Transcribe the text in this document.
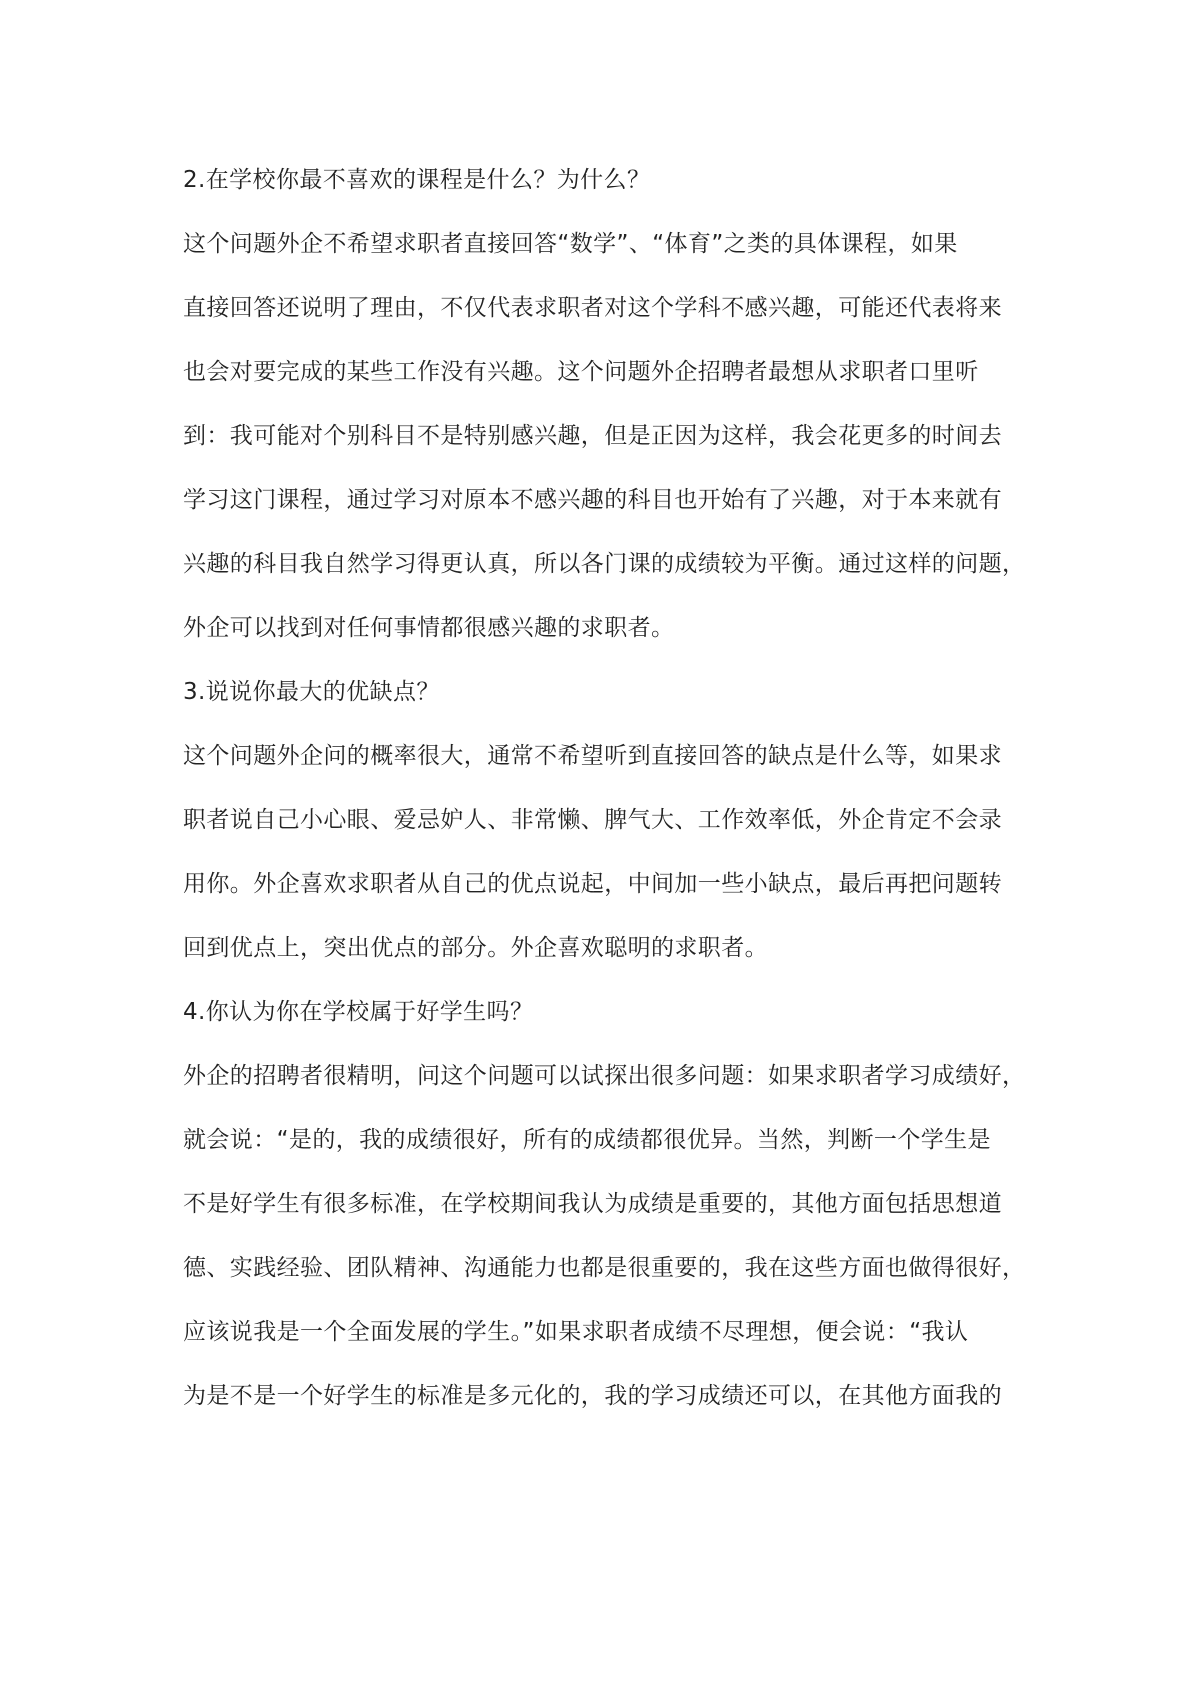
2.在学校你最不喜欢的课程是什么？为什么？
这个问题外企不希望求职者直接回答“数学”、“体育”之类的具体课程，如果
直接回答还说明了理由，不仅代表求职者对这个学科不感兴趣，可能还代表将来
也会对要完成的某些工作没有兴趣。这个问题外企招聘者最想从求职者口里听
到：我可能对个别科目不是特别感兴趣，但是正因为这样，我会花更多的时间去
学习这门课程，通过学习对原本不感兴趣的科目也开始有了兴趣，对于本来就有
兴趣的科目我自然学习得更认真，所以各门课的成绩较为平衡。通过这样的问题，
外企可以找到对任何事情都很感兴趣的求职者。
3.说说你最大的优缺点？
这个问题外企问的概率很大，通常不希望听到直接回答的缺点是什么等，如果求
职者说自己小心眼、爱忌妒人、非常懒、脾气大、工作效率低，外企肯定不会录
用你。外企喜欢求职者从自己的优点说起，中间加一些小缺点，最后再把问题转
回到优点上，突出优点的部分。外企喜欢聪明的求职者。
4.你认为你在学校属于好学生吗？
外企的招聘者很精明，问这个问题可以试探出很多问题：如果求职者学习成绩好，
就会说：“是的，我的成绩很好，所有的成绩都很优异。当然，判断一个学生是
不是好学生有很多标准，在学校期间我认为成绩是重要的，其他方面包括思想道
德、实践经验、团队精神、沟通能力也都是很重要的，我在这些方面也做得很好，
应该说我是一个全面发展的学生。”如果求职者成绩不尽理想，便会说：“我认
为是不是一个好学生的标准是多元化的，我的学习成绩还可以，在其他方面我的
